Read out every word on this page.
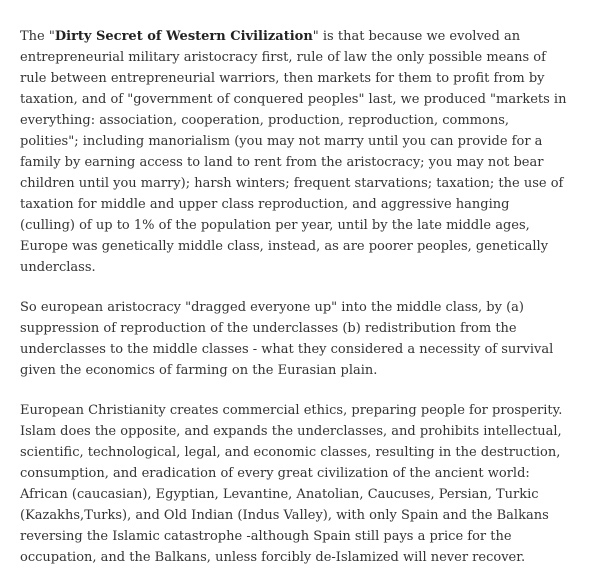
The "Dirty Secret of Western Civilization" is that because we evolved an entrepreneurial military aristocracy first, rule of law the only possible means of rule between entrepreneurial warriors, then markets for them to profit from by taxation, and of "government of conquered peoples" last, we produced "markets in everything: association, cooperation, production, reproduction, commons, polities"; including manorialism (you may not marry until you can provide for a family by earning access to land to rent from the aristocracy; you may not bear children until you marry); harsh winters; frequent starvations; taxation; the use of taxation for middle and upper class reproduction, and aggressive hanging (culling) of up to 1% of the population per year, until by the late middle ages, Europe was genetically middle class, instead, as are poorer peoples, genetically underclass.

So european aristocracy "dragged everyone up" into the middle class, by (a) suppression of reproduction of the underclasses (b) redistribution from the underclasses to the middle classes - what they considered a necessity of survival given the economics of farming on the Eurasian plain.

European Christianity creates commercial ethics, preparing people for prosperity. Islam does the opposite, and expands the underclasses, and prohibits intellectual, scientific, technological, legal, and economic classes, resulting in the destruction, consumption, and eradication of every great civilization of the ancient world: African (caucasian), Egyptian, Levantine, Anatolian, Caucuses, Persian, Turkic (Kazakhs,Turks), and Old Indian (Indus Valley), with only Spain and the Balkans reversing the Islamic catastrophe -although Spain still pays a price for the occupation, and the Balkans, unless forcibly de-Islamized will never recover.
